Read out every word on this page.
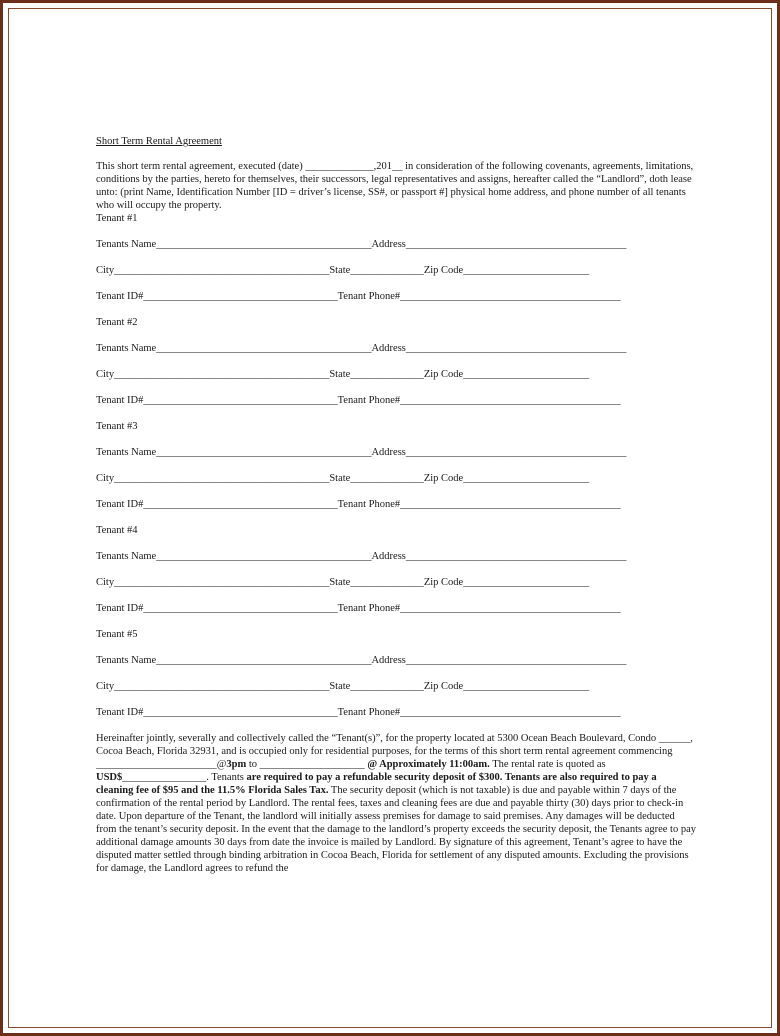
Short Term Rental Agreement

This short term rental agreement, executed (date) _____________,201__ in consideration of the following covenants, agreements, limitations, conditions by the parties, hereto for themselves, their successors, legal representatives and assigns, hereafter called the “Landlord”, doth lease unto: (print Name, Identification Number [ID = driver’s license, SS#, or passport #] physical home address, and phone number of all tenants who will occupy the property.

Tenant #1

Tenants Name_________________________________________Address__________________________________________
City_________________________________________State______________Zip Code________________________
Tenant ID#_____________________________________Tenant Phone#__________________________________________

Tenant #2

Tenants Name_________________________________________Address__________________________________________
City_________________________________________State______________Zip Code________________________
Tenant ID#_____________________________________Tenant Phone#__________________________________________

Tenant #3

Tenants Name_________________________________________Address__________________________________________
City_________________________________________State______________Zip Code________________________
Tenant ID#_____________________________________Tenant Phone#__________________________________________

Tenant #4

Tenants Name_________________________________________Address__________________________________________
City_________________________________________State______________Zip Code________________________
Tenant ID#_____________________________________Tenant Phone#__________________________________________

Tenant #5

Tenants Name_________________________________________Address__________________________________________
City_________________________________________State______________Zip Code________________________
Tenant ID#_____________________________________Tenant Phone#__________________________________________

Hereinafter jointly, severally and collectively called the “Tenant(s)”, for the property located at 5300 Ocean Beach Boulevard, Condo ______, Cocoa Beach, Florida 32931, and is occupied only for residential purposes, for the terms of this short term rental agreement commencing _______________________@3pm to ____________________ @ Approximately 11:00am. The rental rate is quoted as USD$________________. Tenants are required to pay a refundable security deposit of $300. Tenants are also required to pay a cleaning fee of $95 and the 11.5% Florida Sales Tax. The security deposit (which is not taxable) is due and payable within 7 days of the confirmation of the rental period by Landlord. The rental fees, taxes and cleaning fees are due and payable thirty (30) days prior to check-in date. Upon departure of the Tenant, the landlord will initially assess premises for damage to said premises. Any damages will be deducted from the tenant’s security deposit. In the event that the damage to the landlord’s property exceeds the security deposit, the Tenants agree to pay additional damage amounts 30 days from date the invoice is mailed by Landlord. By signature of this agreement, Tenant’s agree to have the disputed matter settled through binding arbitration in Cocoa Beach, Florida for settlement of any disputed amounts. Excluding the provisions for damage, the Landlord agrees to refund the
